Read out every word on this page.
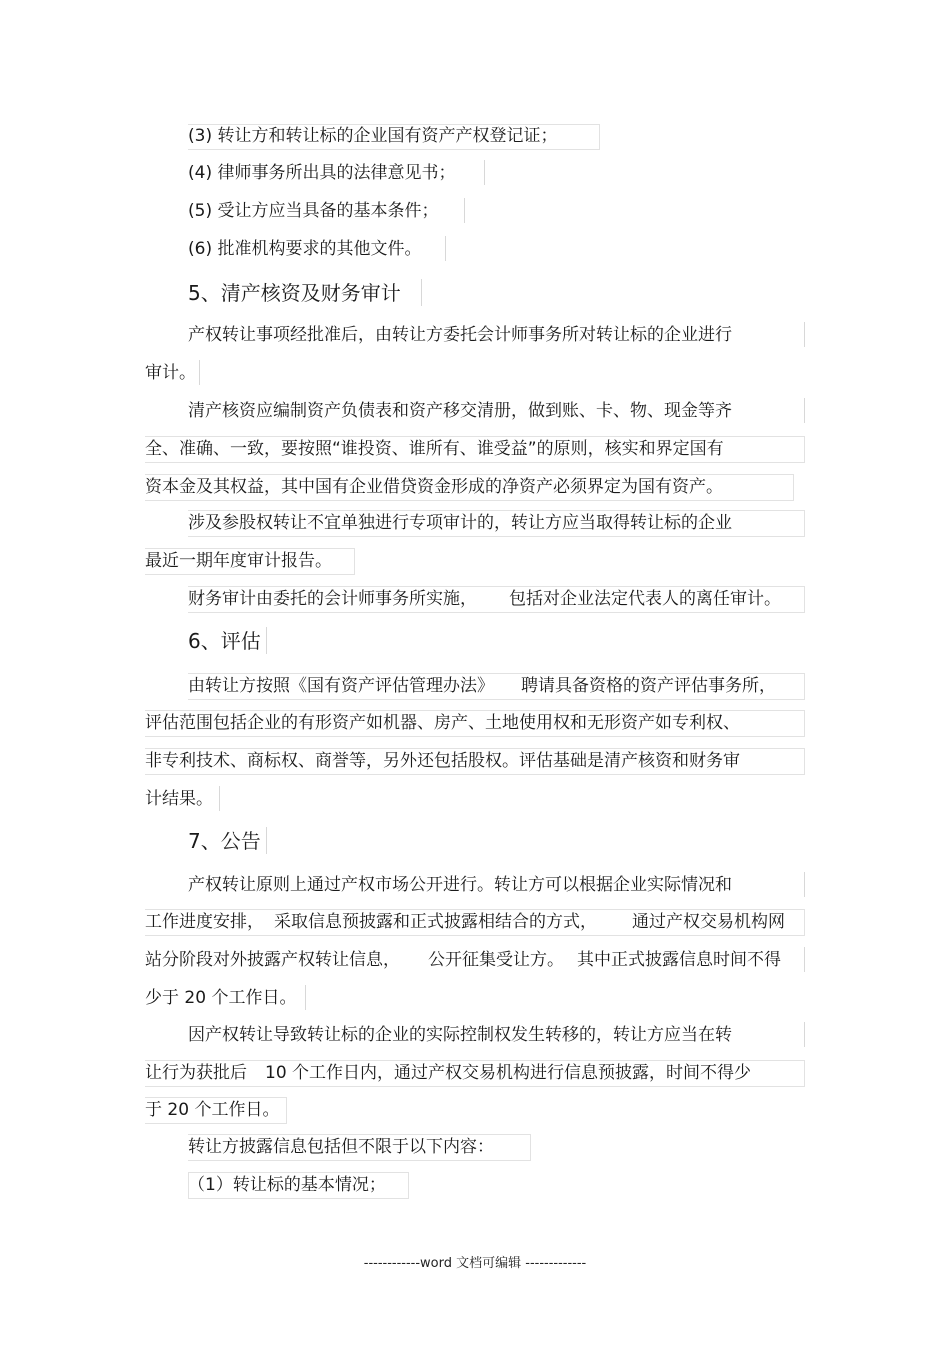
(3) 转让方和转让标的企业国有资产产权登记证；
(4) 律师事务所出具的法律意见书；
(5) 受让方应当具备的基本条件；
(6) 批准机构要求的其他文件。
5、清产核资及财务审计
产权转让事项经批准后，由转让方委托会计师事务所对转让标的企业进行
审计。
清产核资应编制资产负债表和资产移交清册，做到账、卡、物、现金等齐
全、准确、一致，要按照“谁投资、谁所有、谁受益”的原则，核实和界定国有
资本金及其权益，其中国有企业借贷资金形成的净资产必须界定为国有资产。
涉及参股权转让不宜单独进行专项审计的，转让方应当取得转让标的企业
最近一期年度审计报告。
财务审计由委托的会计师事务所实施， 包括对企业法定代表人的离任审计。
6、评估
由转让方按照《国有资产评估管理办法》 聘请具备资格的资产评估事务所，
评估范围包括企业的有形资产如机器、房产、土地使用权和无形资产如专利权、
非专利技术、商标权、商誉等，另外还包括股权。评估基础是清产核资和财务审
计结果。
7、公告
产权转让原则上通过产权市场公开进行。转让方可以根据企业实际情况和
工作进度安排， 采取信息预披露和正式披露相结合的方式， 通过产权交易机构网
站分阶段对外披露产权转让信息， 公开征集受让方。 其中正式披露信息时间不得
少于 20 个工作日。
因产权转让导致转让标的企业的实际控制权发生转移的，转让方应当在转
让行为获批后 10 个工作日内，通过产权交易机构进行信息预披露，时间不得少
于 20 个工作日。
转让方披露信息包括但不限于以下内容：
（1）转让标的基本情况；
------------word 文档可编辑 -------------
